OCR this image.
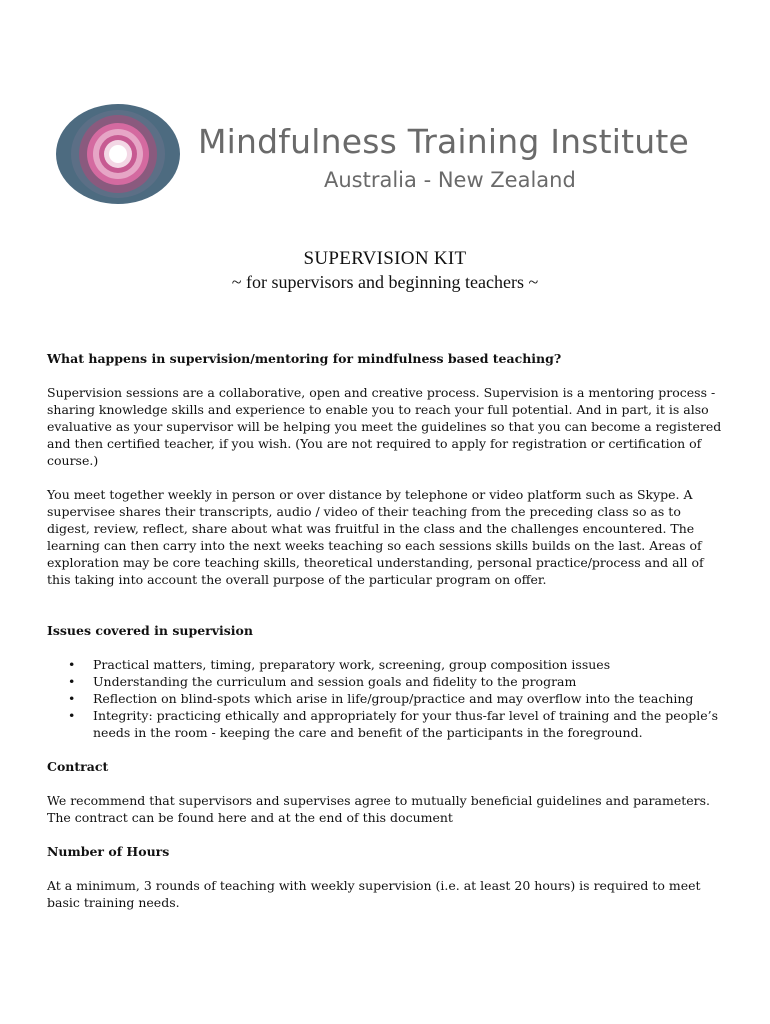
Mindfulness Training Institute
Australia - New Zealand
SUPERVISION KIT
~ for supervisors and beginning teachers ~

What happens in supervision/mentoring for mindfulness based teaching?

Supervision sessions are a collaborative, open and creative process. Supervision is a mentoring process - sharing knowledge skills and experience to enable you to reach your full potential. And in part, it is also evaluative as your supervisor will be helping you meet the guidelines so that you can become a registered and then certified teacher, if you wish. (You are not required to apply for registration or certification of course.)

You meet together weekly in person or over distance by telephone or video platform such as Skype. A supervisee shares their transcripts, audio / video of their teaching from the preceding class so as to digest, review, reflect, share about what was fruitful in the class and the challenges encountered. The learning can then carry into the next weeks teaching so each sessions skills builds on the last. Areas of exploration may be core teaching skills, theoretical understanding, personal practice/process and all of this taking into account the overall purpose of the particular program on offer.

Issues covered in supervision

• Practical matters, timing, preparatory work, screening, group composition issues
• Understanding the curriculum and session goals and fidelity to the program
• Reflection on blind-spots which arise in life/group/practice and may overflow into the teaching
• Integrity: practicing ethically and appropriately for your thus-far level of training and the people’s needs in the room - keeping the care and benefit of the participants in the foreground.

Contract

We recommend that supervisors and supervises agree to mutually beneficial guidelines and parameters. The contract can be found here and at the end of this document

Number of Hours

At a minimum, 3 rounds of teaching with weekly supervision (i.e. at least 20 hours) is required to meet basic training needs.
